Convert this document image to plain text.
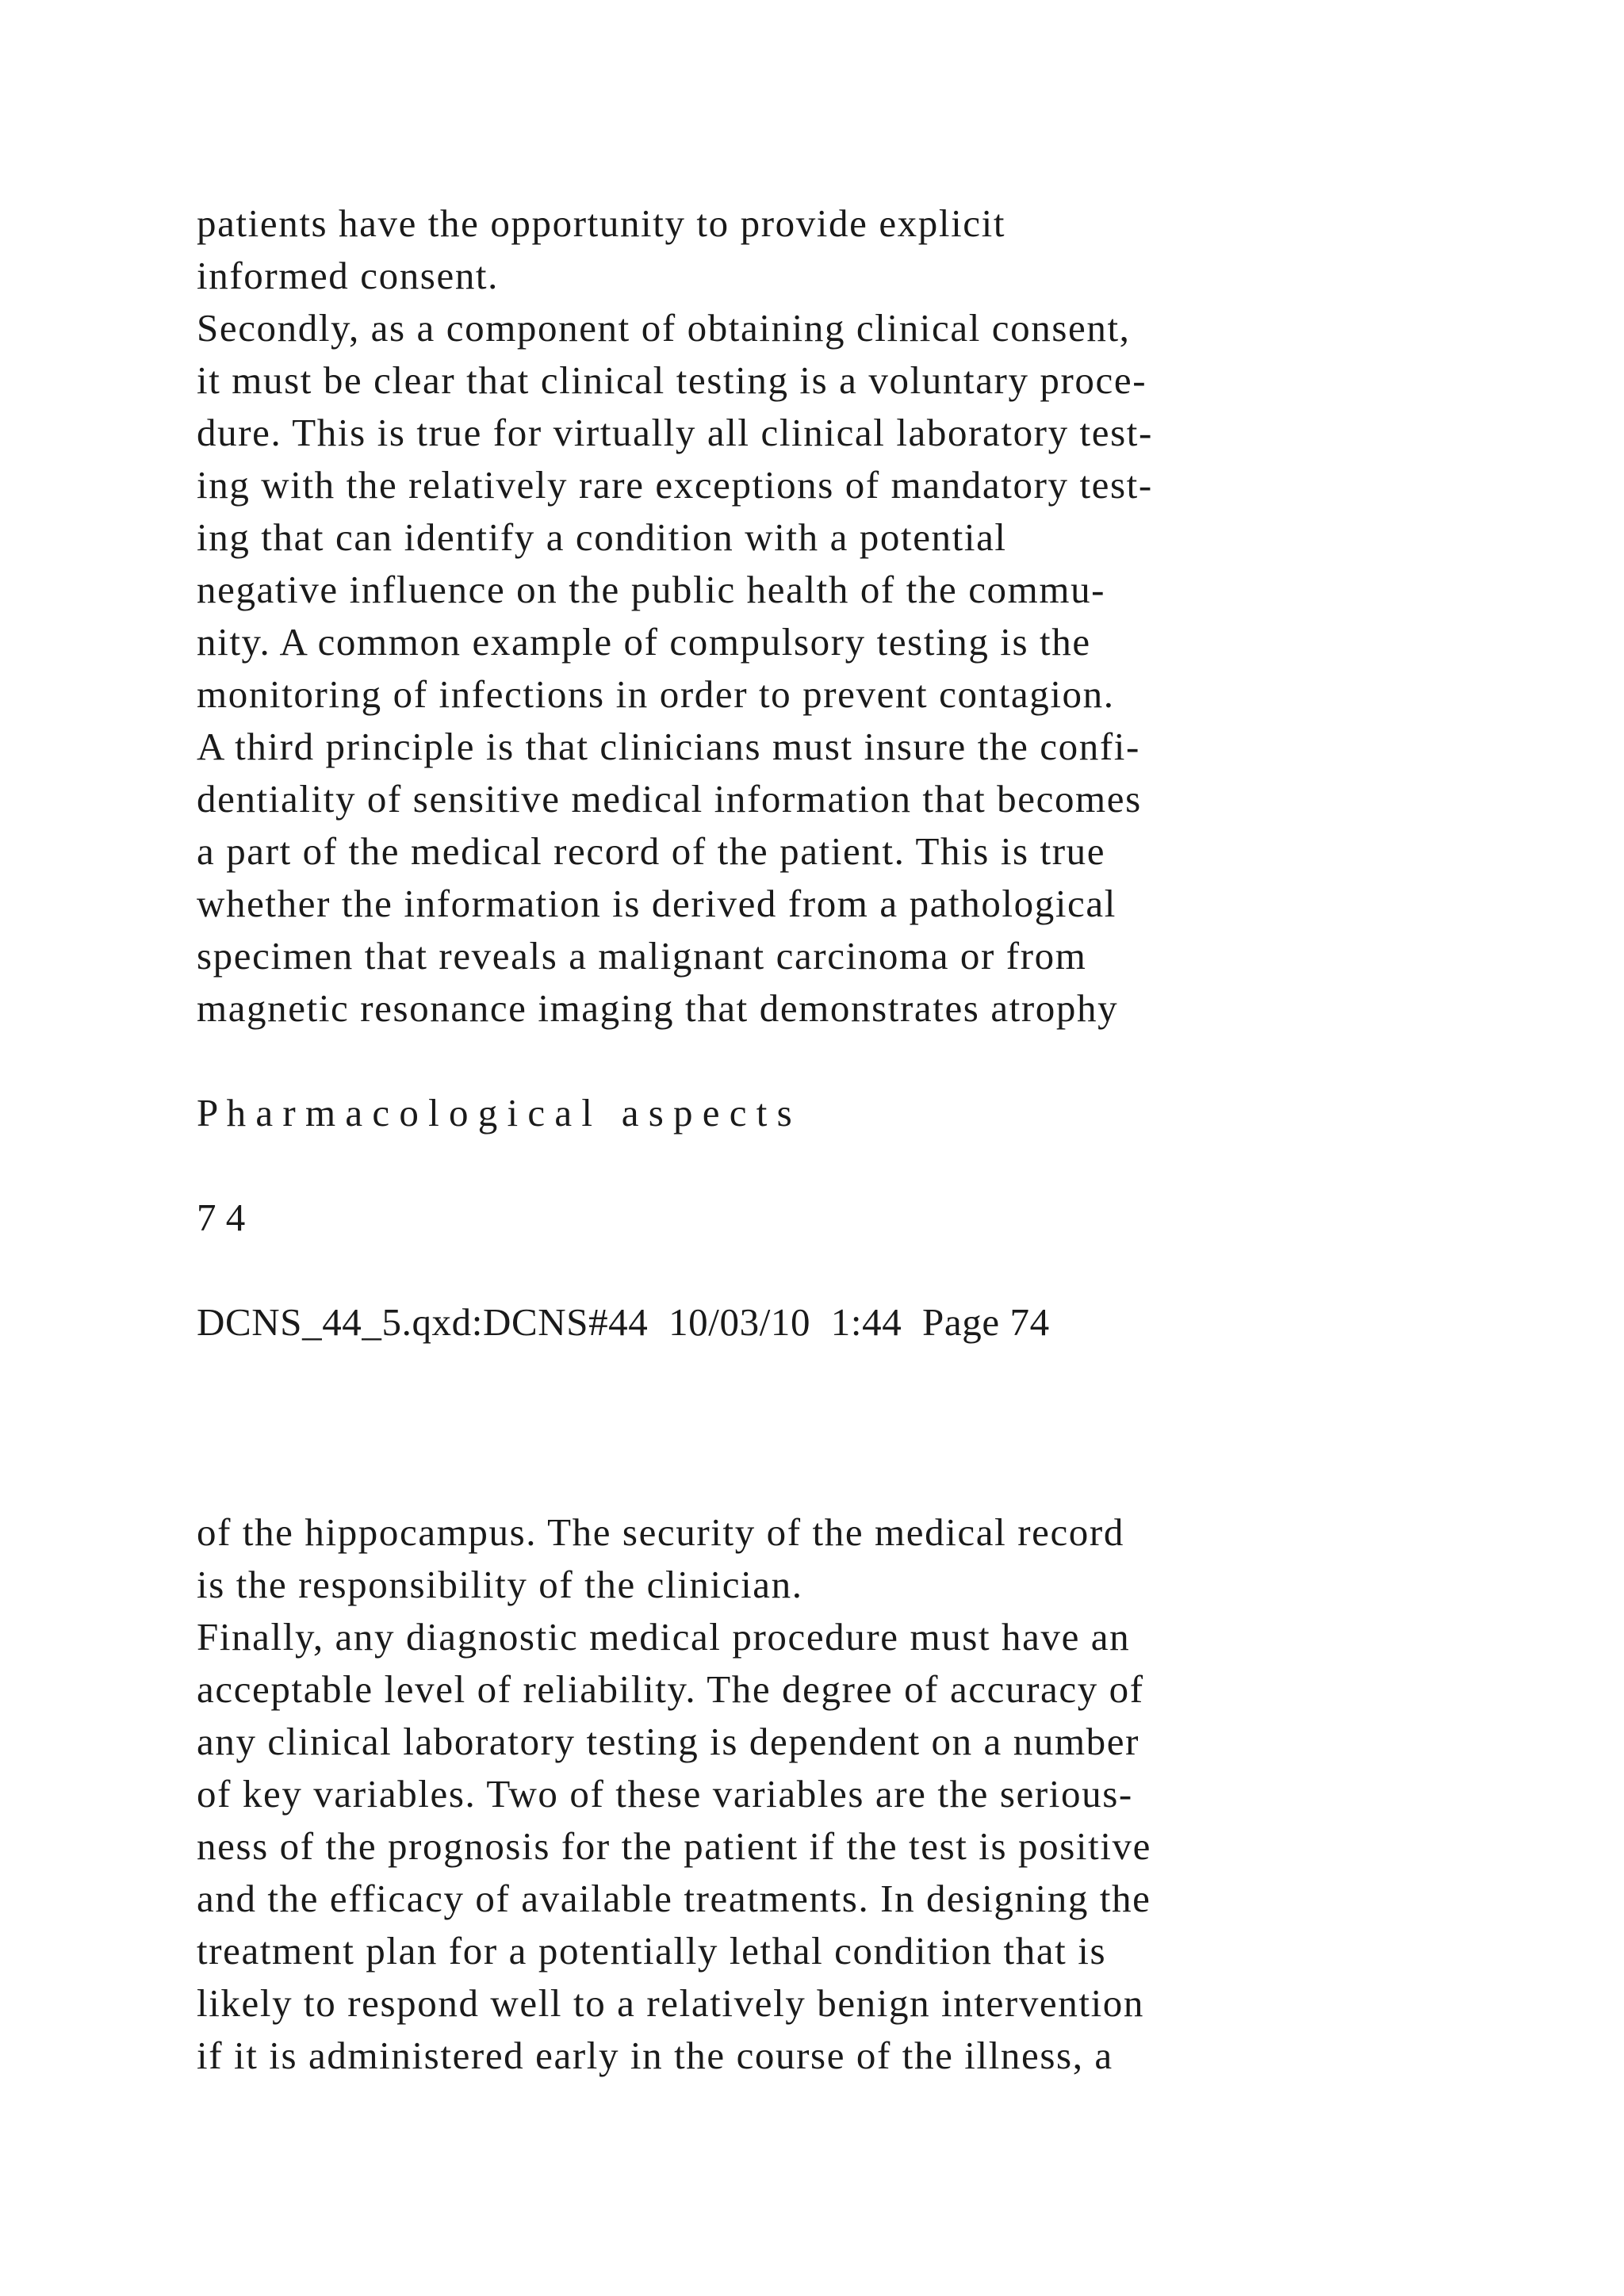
patients have the opportunity to provide explicit

informed consent.

Secondly, as a component of obtaining clinical consent,

it must be clear that clinical testing is a voluntary proce-

dure. This is true for virtually all clinical laboratory test-

ing with the relatively rare exceptions of mandatory test-

ing that can identify a condition with a potential

negative influence on the public health of the commu-

nity. A common example of compulsory testing is the

monitoring of infections in order to prevent contagion.

A third principle is that clinicians must insure the confi-

dentiality of sensitive medical information that becomes

a part of the medical record of the patient. This is true

whether the information is derived from a pathological

specimen that reveals a malignant carcinoma or from

magnetic resonance imaging that demonstrates atrophy

P h a r m a c o l o g i c a l   a s p e c t s

7 4

DCNS_44_5.qxd:DCNS#44  10/03/10  1:44  Page 74

of the hippocampus. The security of the medical record

is the responsibility of the clinician.

Finally, any diagnostic medical procedure must have an

acceptable level of reliability. The degree of accuracy of

any clinical laboratory testing is dependent on a number

of key variables. Two of these variables are the serious-

ness of the prognosis for the patient if the test is positive

and the efficacy of available treatments. In designing the

treatment plan for a potentially lethal condition that is

likely to respond well to a relatively benign intervention

if it is administered early in the course of the illness, a
